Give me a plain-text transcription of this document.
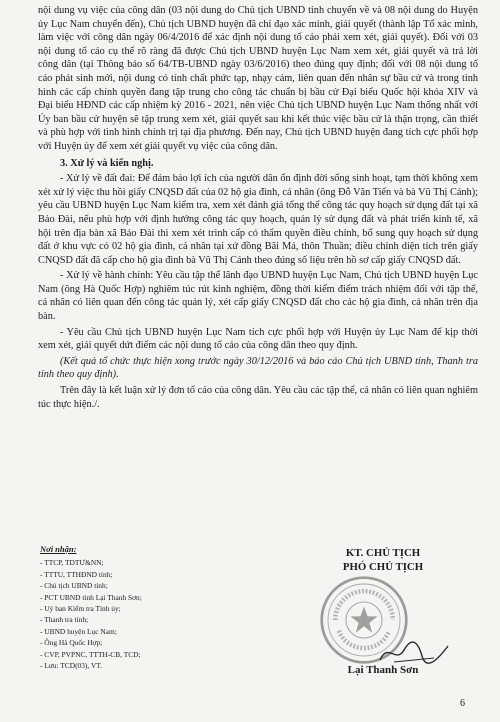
nội dung vụ việc của công dân (03 nội dung do Chủ tịch UBND tỉnh chuyển về và 08 nội dung do Huyện ủy Lục Nam chuyển đến), Chủ tịch UBND huyện đã chỉ đạo xác minh, giải quyết (thành lập Tổ xác minh, làm việc với công dân ngày 06/4/2016 để xác định nội dung tố cáo phải xem xét, giải quyết). Đối với 03 nội dung tố cáo cụ thể rõ ràng đã được Chủ tịch UBND huyện Lục Nam xem xét, giải quyết và trả lời công dân (tại Thông báo số 64/TB-UBND ngày 03/6/2016) theo đúng quy định; đối với 08 nội dung tố cáo phát sinh mới, nội dung có tính chất phức tạp, nhạy cảm, liên quan đến nhân sự bầu cử và trong tình hình các cấp chính quyền đang tập trung cho công tác chuẩn bị bầu cử Đại biểu Quốc hội khóa XIV và Đại biểu HĐND các cấp nhiệm kỳ 2016 - 2021, nên việc Chủ tịch UBND huyện Lục Nam thống nhất với Ủy ban bầu cử huyện sẽ tập trung xem xét, giải quyết sau khi kết thúc việc bầu cử là thận trọng, cần thiết và phù hợp với tình hình chính trị tại địa phương. Đến nay, Chủ tịch UBND huyện đang tích cực phối hợp với Huyện ủy để xem xét giải quyết vụ việc của công dân.

3. Xử lý và kiến nghị.

- Xử lý về đất đai: Để đảm bảo lợi ích của người dân ổn định đời sống sinh hoạt, tạm thời không xem xét xử lý việc thu hồi giấy CNQSD đất của 02 hộ gia đình, cá nhân (ông Đỗ Văn Tiến và bà Vũ Thị Cánh); yêu cầu UBND huyện Lục Nam kiểm tra, xem xét đánh giá tổng thể công tác quy hoạch sử dụng đất tại xã Bảo Đài, nếu phù hợp với định hướng công tác quy hoạch, quản lý sử dụng đất và phát triển kinh tế, xã hội trên địa bàn xã Bảo Đài thì xem xét trình cấp có thẩm quyền điều chỉnh, bổ sung quy hoạch sử dụng đất ở khu vực có 02 hộ gia đình, cá nhân tại xứ đồng Bãi Mả, thôn Thuần; điều chỉnh diện tích trên giấy CNQSD đất đã cấp cho hộ gia đình bà Vũ Thị Cánh theo đúng số liệu trên hồ sơ cấp giấy CNQSD đất.

- Xử lý về hành chính: Yêu cầu tập thể lãnh đạo UBND huyện Lục Nam, Chủ tịch UBND huyện Lục Nam (ông Hà Quốc Hợp) nghiêm túc rút kinh nghiệm, đồng thời kiểm điểm trách nhiệm đối với tập thể, cá nhân có liên quan đến công tác quản lý, xét cấp giấy CNQSD đất cho các hộ gia đình, cá nhân trên địa bàn.

- Yêu cầu Chủ tịch UBND huyện Lục Nam tích cực phối hợp với Huyện ủy Lục Nam để kịp thời xem xét, giải quyết dứt điểm các nội dung tố cáo của công dân theo quy định.

(Kết quả tổ chức thực hiện xong trước ngày 30/12/2016 và báo cáo Chủ tịch UBND tỉnh, Thanh tra tỉnh theo quy định).

Trên đây là kết luận xử lý đơn tố cáo của công dân. Yêu cầu các tập thể, cá nhân có liên quan nghiêm túc thực hiện./.

Nơi nhận:
- TTCP, TDTƯ&NN;
- TTTU, TTHĐND tỉnh;
- Chủ tịch UBND tỉnh;
- PCT UBND tỉnh Lại Thanh Sơn;
- Uỷ ban Kiểm tra Tỉnh ủy;
- Thanh tra tỉnh;
- UBND huyện Lục Nam;
- Ông Hà Quốc Hợp;
- CVP, PVPNC, TTTH-CB, TCD;
- Lưu: TCD(03), VT.
KT. CHỦ TỊCH
PHÓ CHỦ TỊCH
Lại Thanh Sơn
6
